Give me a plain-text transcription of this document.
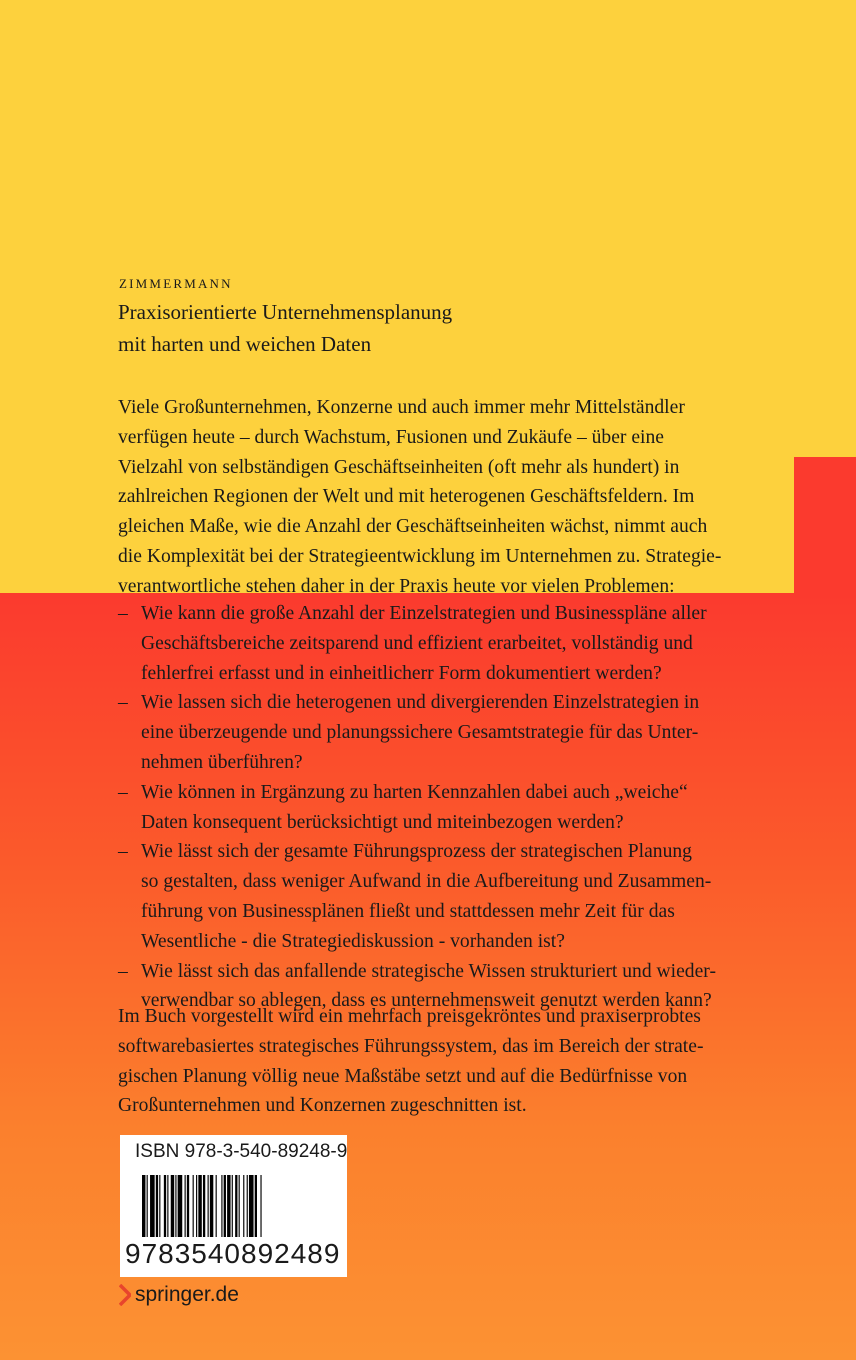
ZIMMERMANN
Praxisorientierte Unternehmensplanung
mit harten und weichen Daten
Viele Großunternehmen, Konzerne und auch immer mehr Mittelständler
verfügen heute – durch Wachstum, Fusionen und Zukäufe – über eine
Vielzahl von selbständigen Geschäftseinheiten (oft mehr als hundert) in
zahlreichen Regionen der Welt und mit heterogenen Geschäftsfeldern. Im
gleichen Maße, wie die Anzahl der Geschäftseinheiten wächst, nimmt auch
die Komplexität bei der Strategieentwicklung im Unternehmen zu. Strategie-
verantwortliche stehen daher in der Praxis heute vor vielen Problemen:
– Wie kann die große Anzahl der Einzelstrategien und Businesspläne aller
Geschäftsbereiche zeitsparend und effizient erarbeitet, vollständig und
fehlerfrei erfasst und in einheitlicherr Form dokumentiert werden?
– Wie lassen sich die heterogenen und divergierenden Einzelstrategien in
eine überzeugende und planungssichere Gesamtstrategie für das Unter-
nehmen überführen?
– Wie können in Ergänzung zu harten Kennzahlen dabei auch „weiche“
Daten konsequent berücksichtigt und miteinbezogen werden?
– Wie lässt sich der gesamte Führungsprozess der strategischen Planung
so gestalten, dass weniger Aufwand in die Aufbereitung und Zusammen-
führung von Businessplänen fließt und stattdessen mehr Zeit für das
Wesentliche - die Strategiediskussion - vorhanden ist?
– Wie lässt sich das anfallende strategische Wissen strukturiert und wieder-
verwendbar so ablegen, dass es unternehmensweit genutzt werden kann?
Im Buch vorgestellt wird ein mehrfach preisgekröntes und praxiserprobtes
softwarebasiertes strategisches Führungssystem, das im Bereich der strate-
gischen Planung völlig neue Maßstäbe setzt und auf die Bedürfnisse von
Großunternehmen und Konzernen zugeschnitten ist.
ISBN 978-3-540-89248-9
9783540892489
springer.de
